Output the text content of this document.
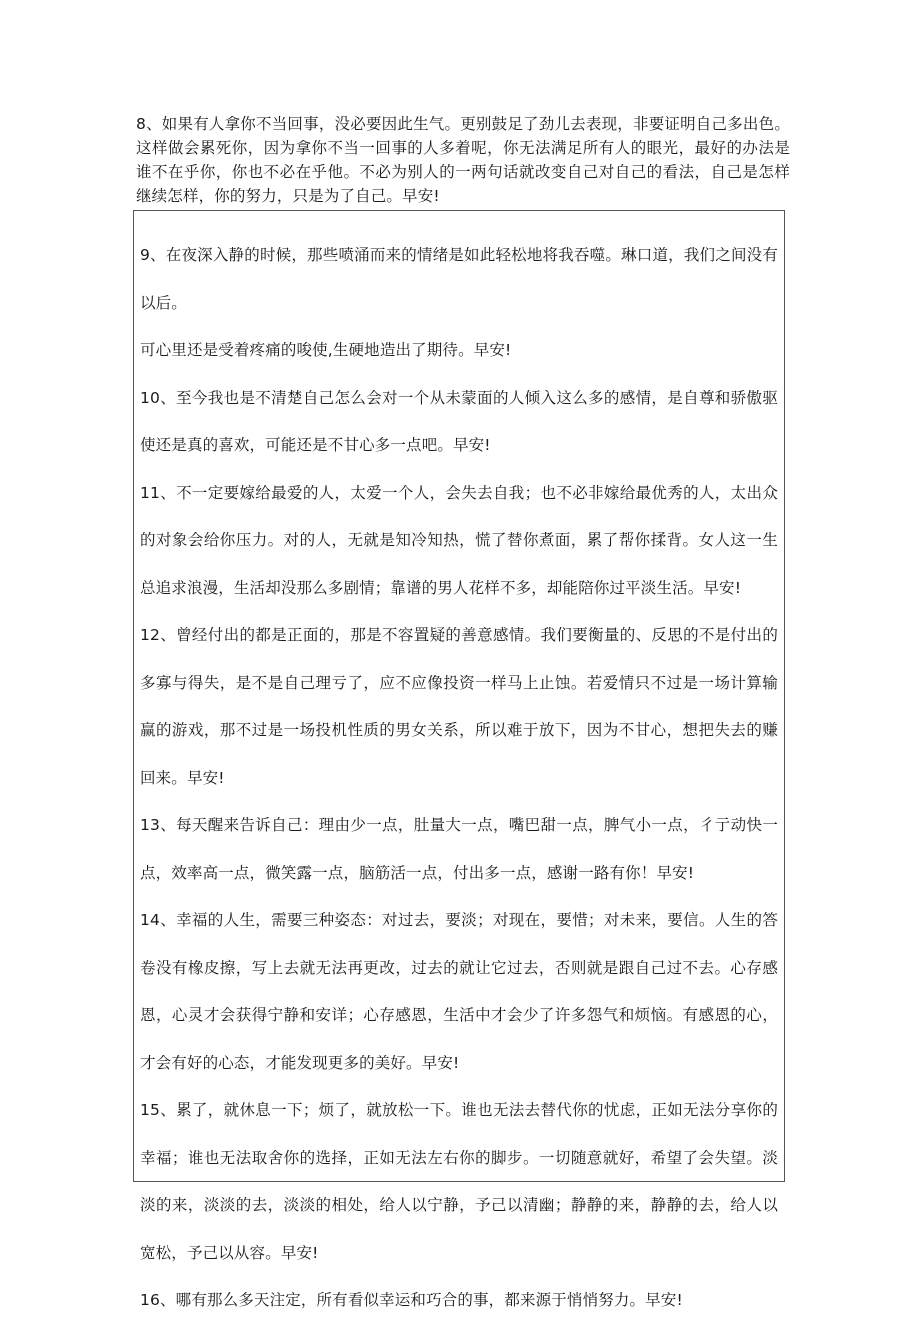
8、如果有人拿你不当回事，没必要因此生气。更别鼓足了劲儿去表现，非要证明自己多出色。这样做会累死你，因为拿你不当一回事的人多着呢，你无法满足所有人的眼光，最好的办法是谁不在乎你，你也不必在乎他。不必为别人的一两句话就改变自己对自己的看法，自己是怎样继续怎样，你的努力，只是为了自己。早安!

9、在夜深入静的时候，那些喷涌而来的情绪是如此轻松地将我吞噬。琳口道，我们之间没有以后。

可心里还是受着疼痛的唆使,生硬地造出了期待。早安!

10、至今我也是不清楚自己怎么会对一个从未蒙面的人倾入这么多的感情，是自尊和骄傲驱使还是真的喜欢，可能还是不甘心多一点吧。早安!

11、不一定要嫁给最爱的人，太爱一个人，会失去自我；也不必非嫁给最优秀的人，太出众的对象会给你压力。对的人，无就是知冷知热，慌了替你煮面，累了帮你揉背。女人这一生总追求浪漫，生活却没那么多剧情；靠谱的男人花样不多，却能陪你过平淡生活。早安!

12、曾经付出的都是正面的，那是不容置疑的善意感情。我们要衡量的、反思的不是付出的多寡与得失，是不是自己理亏了，应不应像投资一样马上止蚀。若爱情只不过是一场计算输赢的游戏，那不过是一场投机性质的男女关系，所以难于放下，因为不甘心，想把失去的赚回来。早安!

13、每天醒来告诉自己：理由少一点，肚量大一点，嘴巴甜一点，脾气小一点，彳亍动快一点，效率高一点，微笑露一点，脑筋活一点，付出多一点，感谢一路有你！早安!

14、幸福的人生，需要三种姿态：对过去，要淡；对现在，要惜；对未来，要信。人生的答卷没有橡皮擦，写上去就无法再更改，过去的就让它过去，否则就是跟自己过不去。心存感恩，心灵才会获得宁静和安详；心存感恩，生活中才会少了许多怨气和烦恼。有感恩的心，才会有好的心态，才能发现更多的美好。早安!

15、累了，就休息一下；烦了，就放松一下。谁也无法去替代你的忧虑，正如无法分享你的幸福；谁也无法取舍你的选择，正如无法左右你的脚步。一切随意就好，希望了会失望。淡淡的来，淡淡的去，淡淡的相处，给人以宁静，予己以清幽；静静的来，静静的去，给人以宽松，予己以从容。早安!

16、哪有那么多天注定，所有看似幸运和巧合的事，都来源于悄悄努力。早安!
